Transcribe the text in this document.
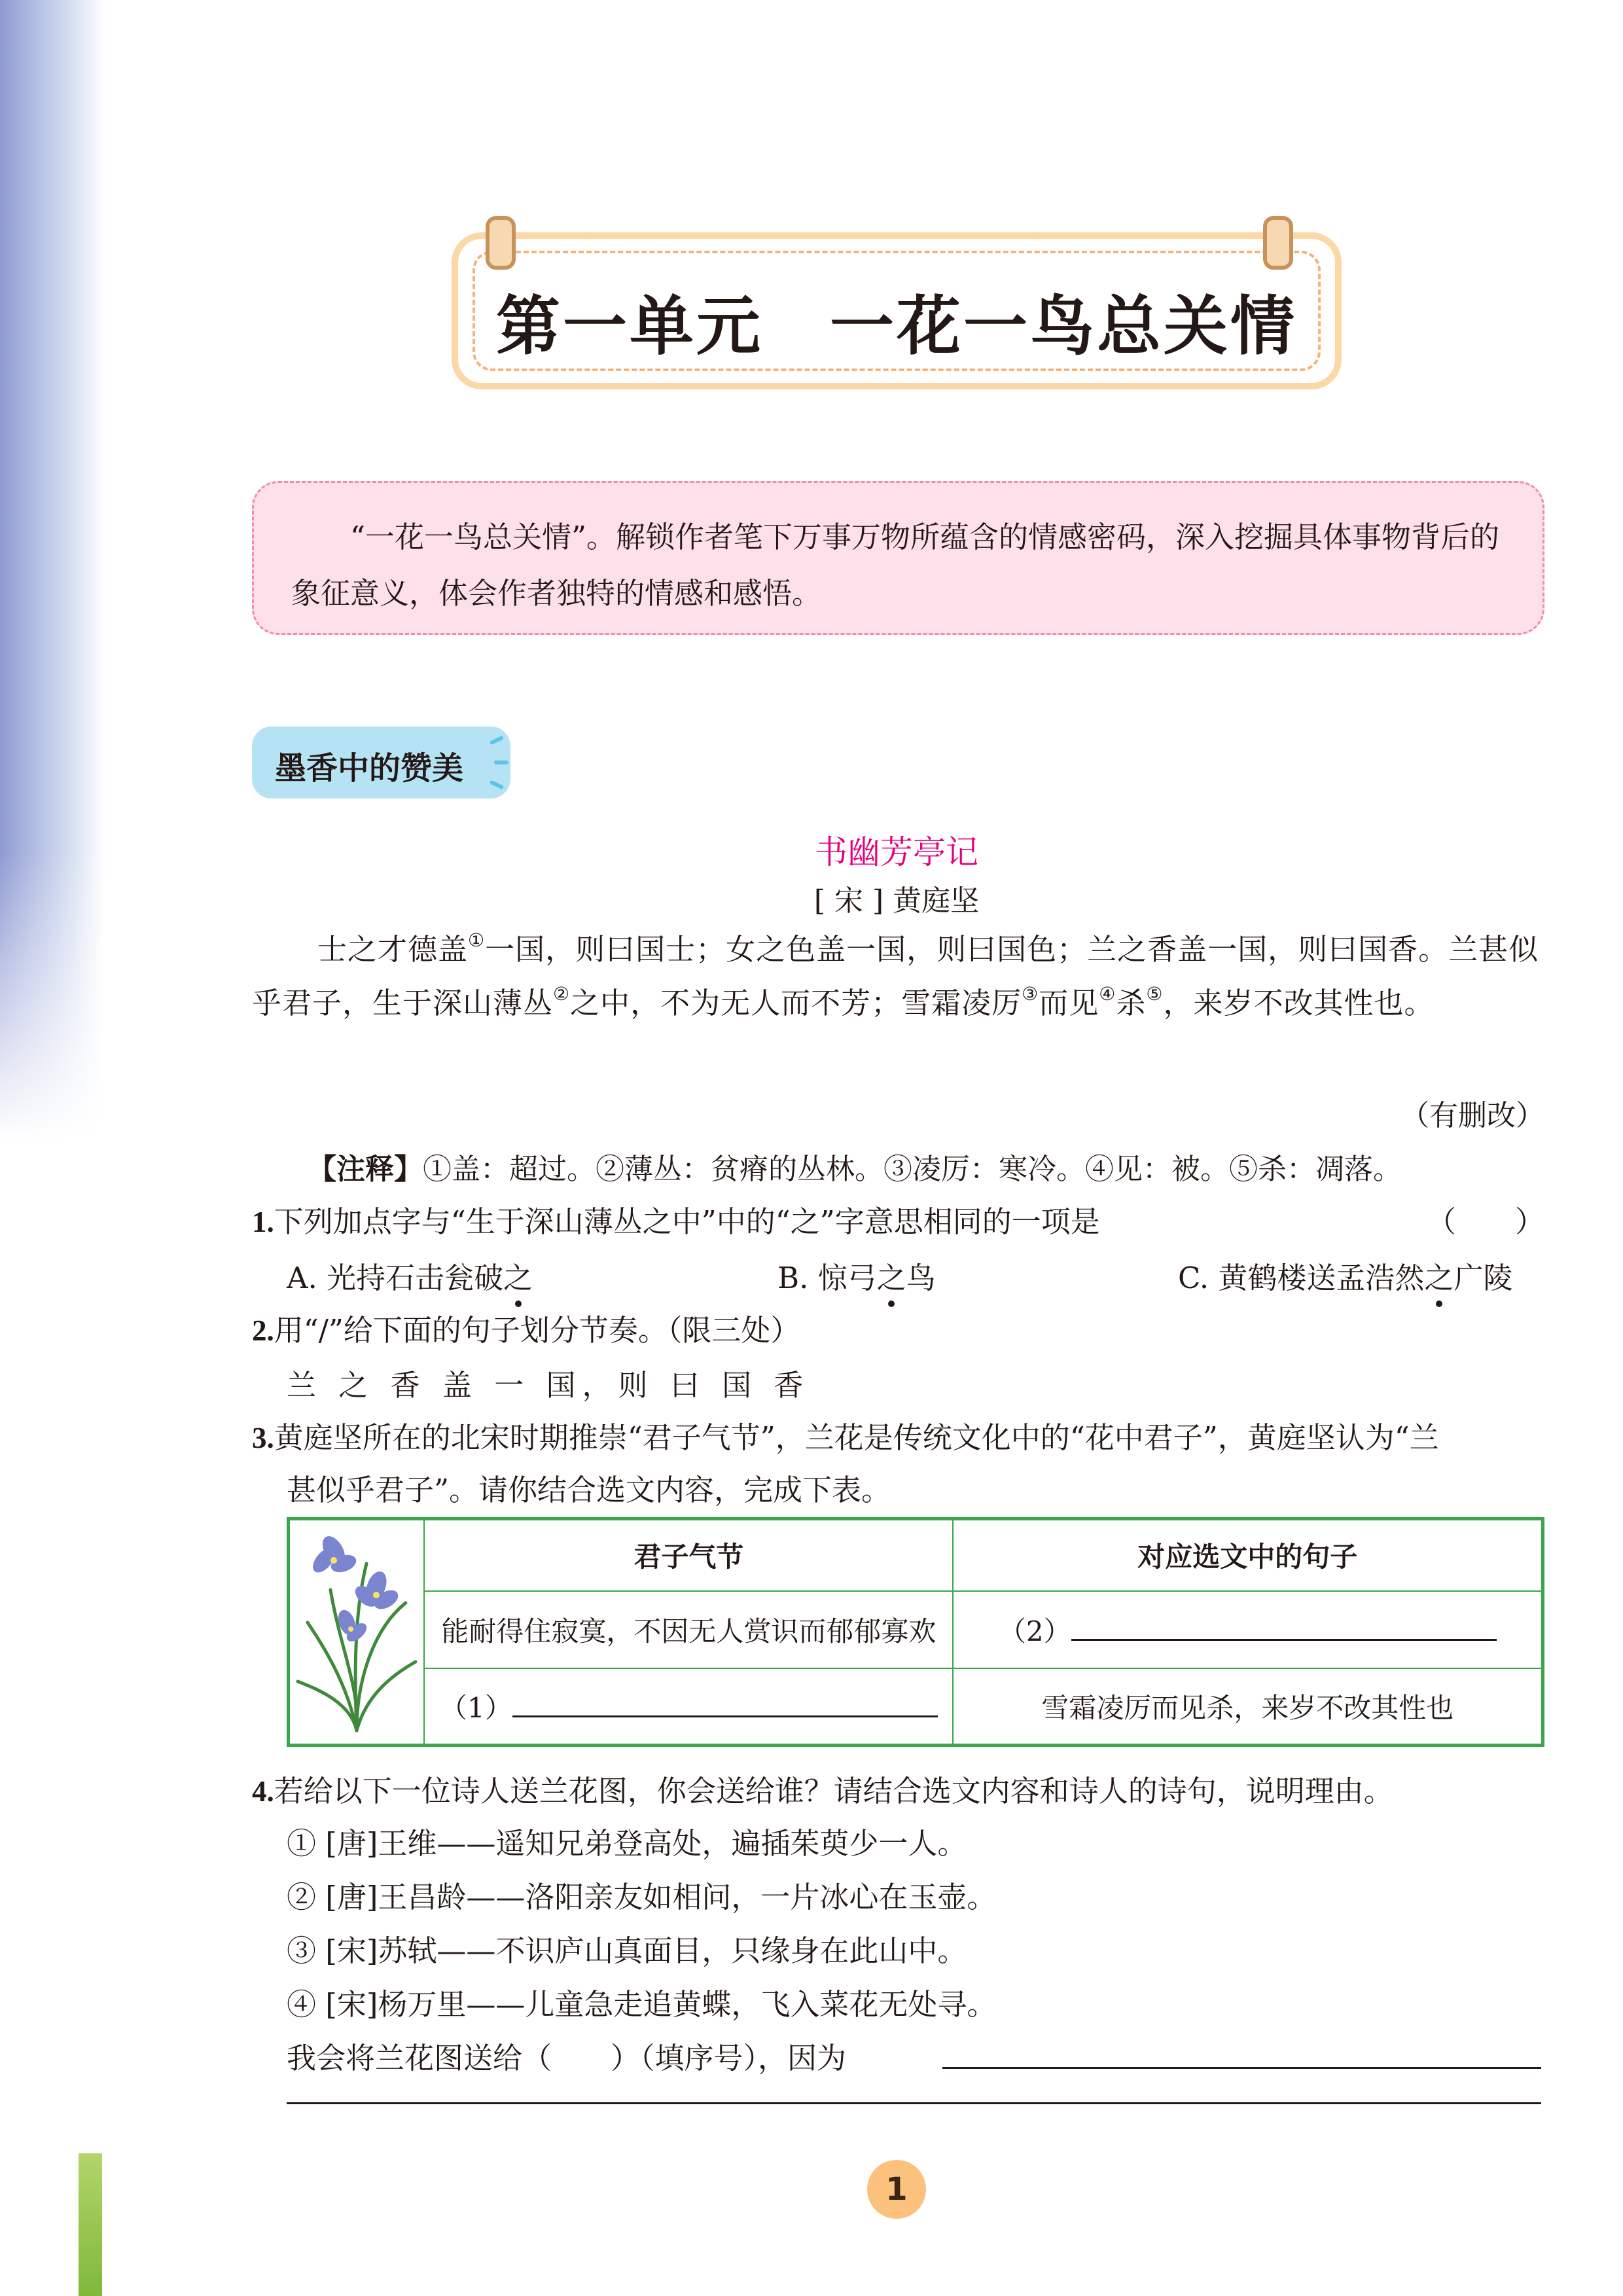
第一单元　一花一鸟总关情
“一花一鸟总关情”。解锁作者笔下万事万物所蕴含的情感密码，深入挖掘具体事物背后的象征意义，体会作者独特的情感和感悟。
墨香中的赞美
书幽芳亭记
[ 宋 ] 黄庭坚
士之才德盖①一国，则曰国士；女之色盖一国，则曰国色；兰之香盖一国，则曰国香。兰甚似乎君子，生于深山薄丛②之中，不为无人而不芳；雪霜凌厉③而见④杀⑤，来岁不改其性也。
（有删改）
【注释】①盖：超过。②薄丛：贫瘠的丛林。③凌厉：寒冷。④见：被。⑤杀：凋落。
1.下列加点字与“生于深山薄丛之中”中的“之”字意思相同的一项是	（　　）
A. 光持石击瓮破之	B. 惊弓之鸟	C. 黄鹤楼送孟浩然之广陵
2.用“/”给下面的句子划分节奏。（限三处）
兰 之 香 盖 一 国，则 曰 国 香
3.黄庭坚所在的北宋时期推崇“君子气节”，兰花是传统文化中的“花中君子”，黄庭坚认为“兰
甚似乎君子”。请你结合选文内容，完成下表。
	君子气节	对应选文中的句子
	能耐得住寂寞，不因无人赏识而郁郁寡欢	（2）
	（1）	雪霜凌厉而见杀，来岁不改其性也
4.若给以下一位诗人送兰花图，你会送给谁？请结合选文内容和诗人的诗句，说明理由。
① [唐]王维——遥知兄弟登高处，遍插茱萸少一人。
② [唐]王昌龄——洛阳亲友如相问，一片冰心在玉壶。
③ [宋]苏轼——不识庐山真面目，只缘身在此山中。
④ [宋]杨万里——儿童急走追黄蝶，飞入菜花无处寻。
我会将兰花图送给（　　）（填序号），因为
1
